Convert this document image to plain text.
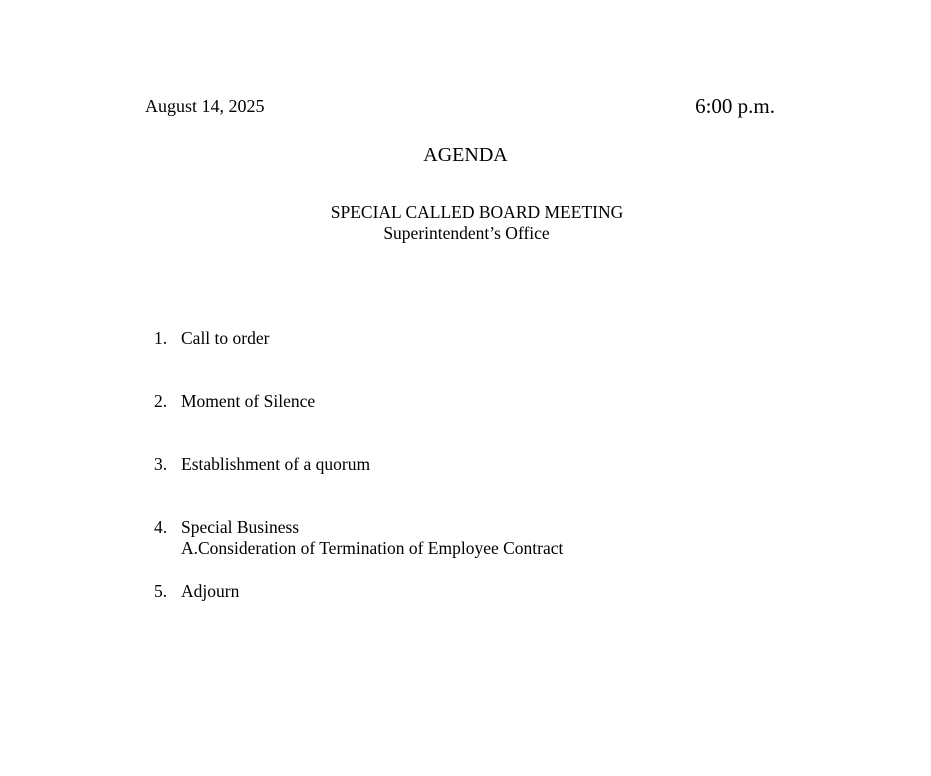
August 14, 2025	6:00 p.m.
AGENDA
SPECIAL CALLED BOARD MEETING
Superintendent’s Office
1. Call to order
2. Moment of Silence
3. Establishment of a quorum
4. Special Business
A.Consideration of Termination of Employee Contract
5. Adjourn
